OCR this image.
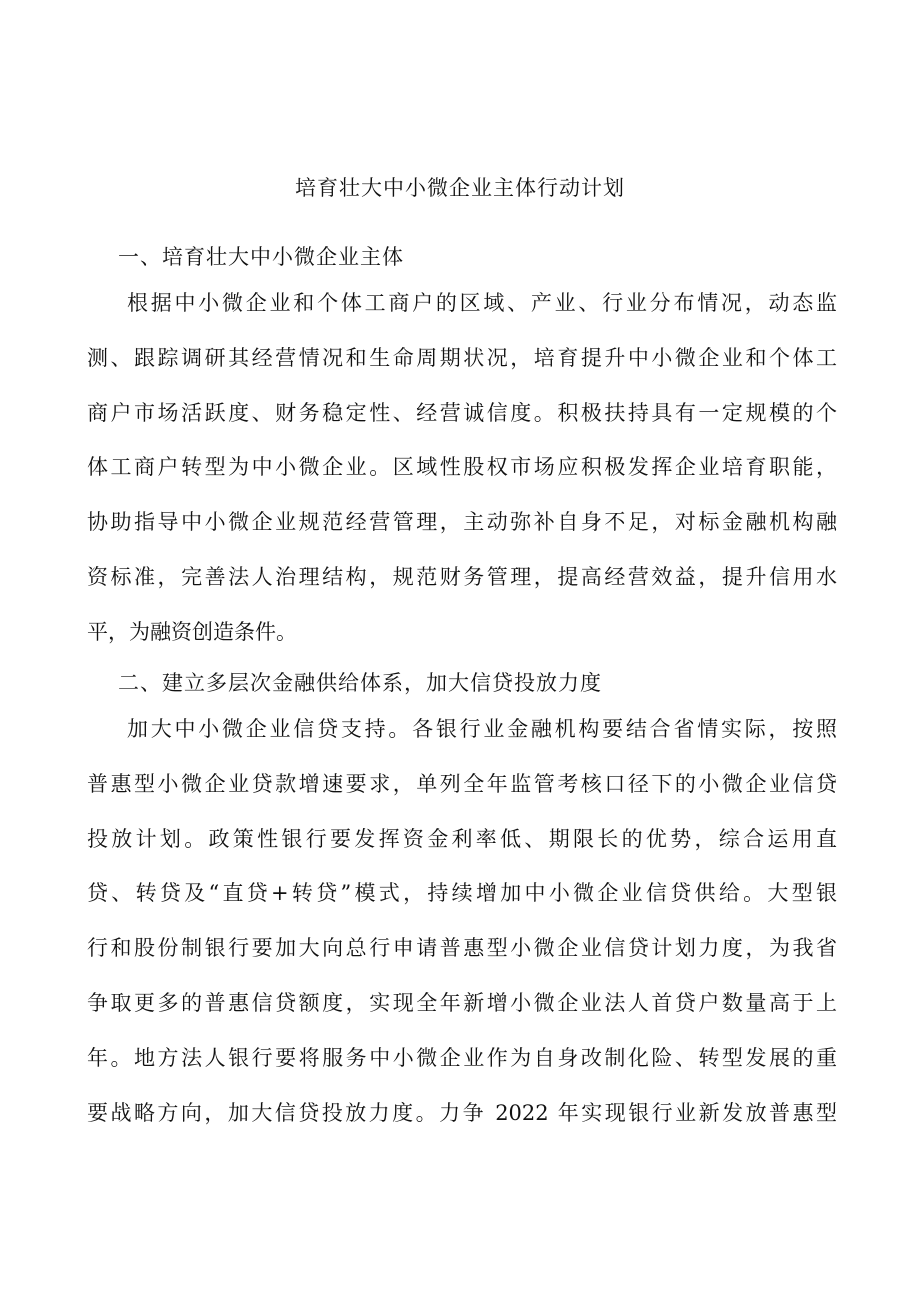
培育壮大中小微企业主体行动计划
一、培育壮大中小微企业主体
根据中小微企业和个体工商户的区域、产业、行业分布情况，动态监
测、跟踪调研其经营情况和生命周期状况，培育提升中小微企业和个体工
商户市场活跃度、财务稳定性、经营诚信度。积极扶持具有一定规模的个
体工商户转型为中小微企业。区域性股权市场应积极发挥企业培育职能，
协助指导中小微企业规范经营管理，主动弥补自身不足，对标金融机构融
资标准，完善法人治理结构，规范财务管理，提高经营效益，提升信用水
平，为融资创造条件。
二、建立多层次金融供给体系，加大信贷投放力度
加大中小微企业信贷支持。各银行业金融机构要结合省情实际，按照
普惠型小微企业贷款增速要求，单列全年监管考核口径下的小微企业信贷
投放计划。政策性银行要发挥资金利率低、期限长的优势，综合运用直
贷、转贷及“直贷+转贷”模式，持续增加中小微企业信贷供给。大型银
行和股份制银行要加大向总行申请普惠型小微企业信贷计划力度，为我省
争取更多的普惠信贷额度，实现全年新增小微企业法人首贷户数量高于上
年。地方法人银行要将服务中小微企业作为自身改制化险、转型发展的重
要战略方向，加大信贷投放力度。力争 2022 年实现银行业新发放普惠型
